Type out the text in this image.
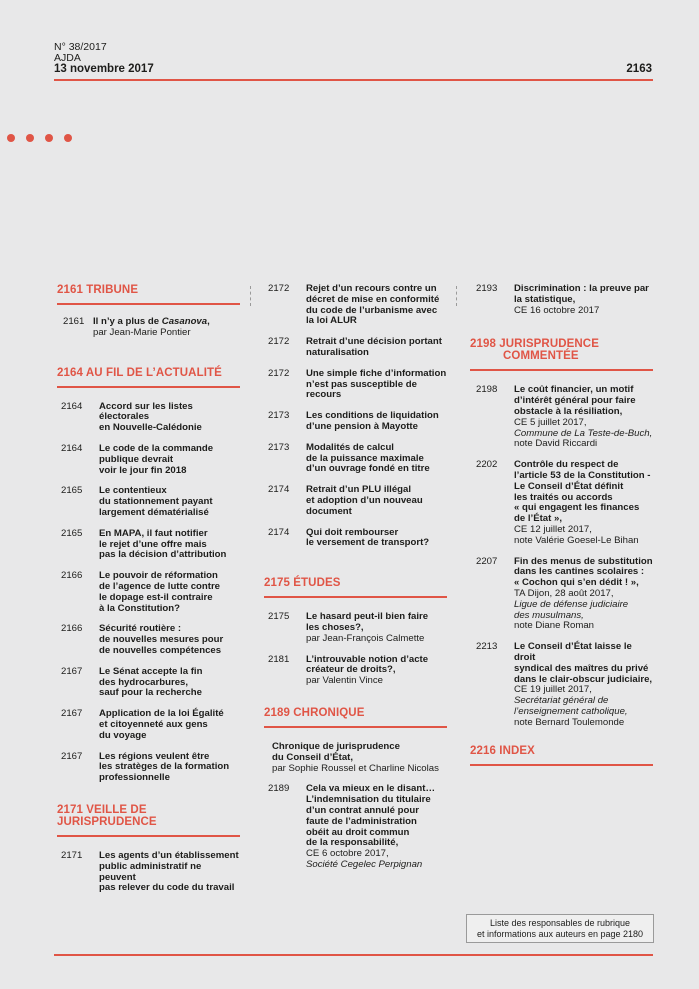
N° 38/2017
AJDA
13 novembre 2017	2163
2161 TRIBUNE
2161 Il n’y a plus de Casanova,
par Jean-Marie Pontier
2164 AU FIL DE L’ACTUALITÉ
2164	Accord sur les listes électorales
en Nouvelle-Calédonie
2164	Le code de la commande
publique devrait
voir le jour fin 2018
2165	Le contentieux
du stationnement payant
largement dématérialisé
2165	En MAPA, il faut notifier
le rejet d’une offre mais
pas la décision d’attribution
2166	Le pouvoir de réformation
de l’agence de lutte contre
le dopage est-il contraire
à la Constitution?
2166	Sécurité routière :
de nouvelles mesures pour
de nouvelles compétences
2167	Le Sénat accepte la fin
des hydrocarbures,
sauf pour la recherche
2167	Application de la loi Égalité
et citoyenneté aux gens
du voyage
2167	Les régions veulent être
les stratèges de la formation
professionnelle
2171 VEILLE DE JURISPRUDENCE
2171	Les agents d’un établissement
public administratif ne peuvent
pas relever du code du travail
2172	Rejet d’un recours contre un
décret de mise en conformité
du code de l’urbanisme avec
la loi ALUR
2172	Retrait d’une décision portant
naturalisation
2172	Une simple fiche d’information
n’est pas susceptible de
recours
2173	Les conditions de liquidation
d’une pension à Mayotte
2173	Modalités de calcul
de la puissance maximale
d’un ouvrage fondé en titre
2174	Retrait d’un PLU illégal
et adoption d’un nouveau
document
2174	Qui doit rembourser
le versement de transport?
2175 ÉTUDES
2175	Le hasard peut-il bien faire
les choses?,
par Jean-François Calmette
2181	L’introuvable notion d’acte
créateur de droits?,
par Valentin Vince
2189 CHRONIQUE
Chronique de jurisprudence
du Conseil d’État,
par Sophie Roussel et Charline Nicolas
2189	Cela va mieux en le disant…
L’indemnisation du titulaire
d’un contrat annulé pour
faute de l’administration
obéit au droit commun
de la responsabilité,
CE 6 octobre 2017,
Société Cegelec Perpignan
2193	Discrimination : la preuve par
la statistique,
CE 16 octobre 2017
2198 JURISPRUDENCE
COMMENTÉE
2198	Le coût financier, un motif
d’intérêt général pour faire
obstacle à la résiliation,
CE 5 juillet 2017,
Commune de La Teste-de-Buch,
note David Riccardi
2202	Contrôle du respect de
l’article 53 de la Constitution -
Le Conseil d’État définit
les traités ou accords
« qui engagent les finances
de l’État »,
CE 12 juillet 2017,
note Valérie Goesel-Le Bihan
2207	Fin des menus de substitution
dans les cantines scolaires :
« Cochon qui s’en dédit ! »,
TA Dijon, 28 août 2017,
Ligue de défense judiciaire
des musulmans,
note Diane Roman
2213	Le Conseil d’État laisse le droit
syndical des maîtres du privé
dans le clair-obscur judiciaire,
CE 19 juillet 2017,
Secrétariat général de
l’enseignement catholique,
note Bernard Toulemonde
2216 INDEX
Liste des responsables de rubrique
et informations aux auteurs en page 2180
